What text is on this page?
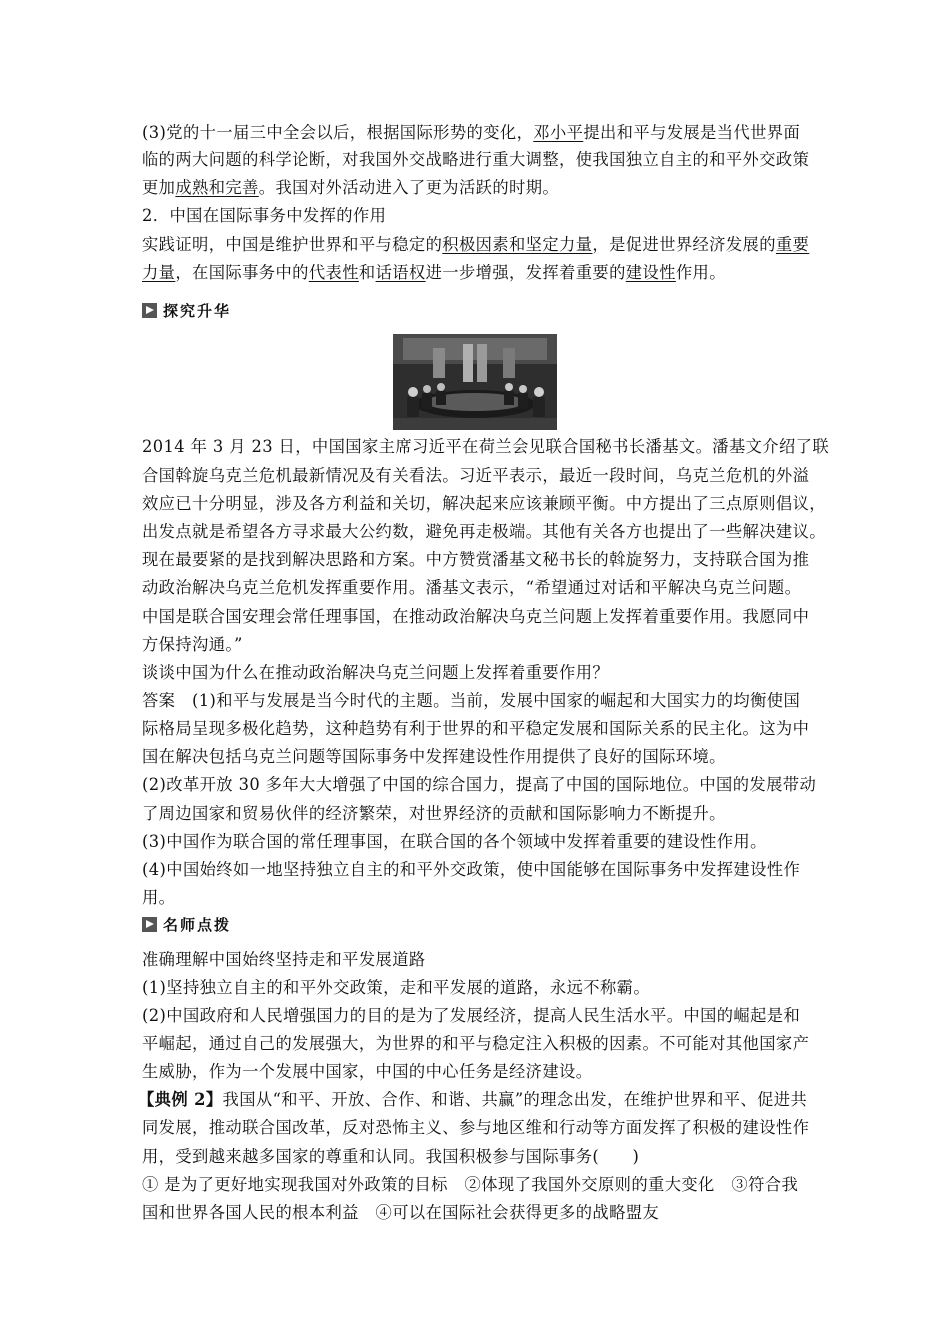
(3)党的十一届三中全会以后，根据国际形势的变化，邓小平提出和平与发展是当代世界面
临的两大问题的科学论断，对我国外交战略进行重大调整，使我国独立自主的和平外交政策
更加成熟和完善。我国对外活动进入了更为活跃的时期。
2．中国在国际事务中发挥的作用
实践证明，中国是维护世界和平与稳定的积极因素和坚定力量，是促进世界经济发展的重要
力量，在国际事务中的代表性和话语权进一步增强，发挥着重要的建设性作用。
探究升华
2014 年 3 月 23 日，中国国家主席习近平在荷兰会见联合国秘书长潘基文。潘基文介绍了联
合国斡旋乌克兰危机最新情况及有关看法。习近平表示，最近一段时间，乌克兰危机的外溢
效应已十分明显，涉及各方利益和关切，解决起来应该兼顾平衡。中方提出了三点原则倡议，
出发点就是希望各方寻求最大公约数，避免再走极端。其他有关各方也提出了一些解决建议。
现在最要紧的是找到解决思路和方案。中方赞赏潘基文秘书长的斡旋努力，支持联合国为推
动政治解决乌克兰危机发挥重要作用。潘基文表示，“希望通过对话和平解决乌克兰问题。
中国是联合国安理会常任理事国，在推动政治解决乌克兰问题上发挥着重要作用。我愿同中
方保持沟通。”
谈谈中国为什么在推动政治解决乌克兰问题上发挥着重要作用？
答案　(1)和平与发展是当今时代的主题。当前，发展中国家的崛起和大国实力的均衡使国
际格局呈现多极化趋势，这种趋势有利于世界的和平稳定发展和国际关系的民主化。这为中
国在解决包括乌克兰问题等国际事务中发挥建设性作用提供了良好的国际环境。
(2)改革开放 30 多年大大增强了中国的综合国力，提高了中国的国际地位。中国的发展带动
了周边国家和贸易伙伴的经济繁荣，对世界经济的贡献和国际影响力不断提升。
(3)中国作为联合国的常任理事国，在联合国的各个领域中发挥着重要的建设性作用。
(4)中国始终如一地坚持独立自主的和平外交政策，使中国能够在国际事务中发挥建设性作
用。
名师点拨
准确理解中国始终坚持走和平发展道路
(1)坚持独立自主的和平外交政策，走和平发展的道路，永远不称霸。
(2)中国政府和人民增强国力的目的是为了发展经济，提高人民生活水平。中国的崛起是和
平崛起，通过自己的发展强大，为世界的和平与稳定注入积极的因素。不可能对其他国家产
生威胁，作为一个发展中国家，中国的中心任务是经济建设。
【典例 2】我国从“和平、开放、合作、和谐、共赢”的理念出发，在维护世界和平、促进共
同发展，推动联合国改革，反对恐怖主义、参与地区维和行动等方面发挥了积极的建设性作
用，受到越来越多国家的尊重和认同。我国积极参与国际事务(　　)
① 是为了更好地实现我国对外政策的目标　②体现了我国外交原则的重大变化　③符合我
国和世界各国人民的根本利益　④可以在国际社会获得更多的战略盟友
